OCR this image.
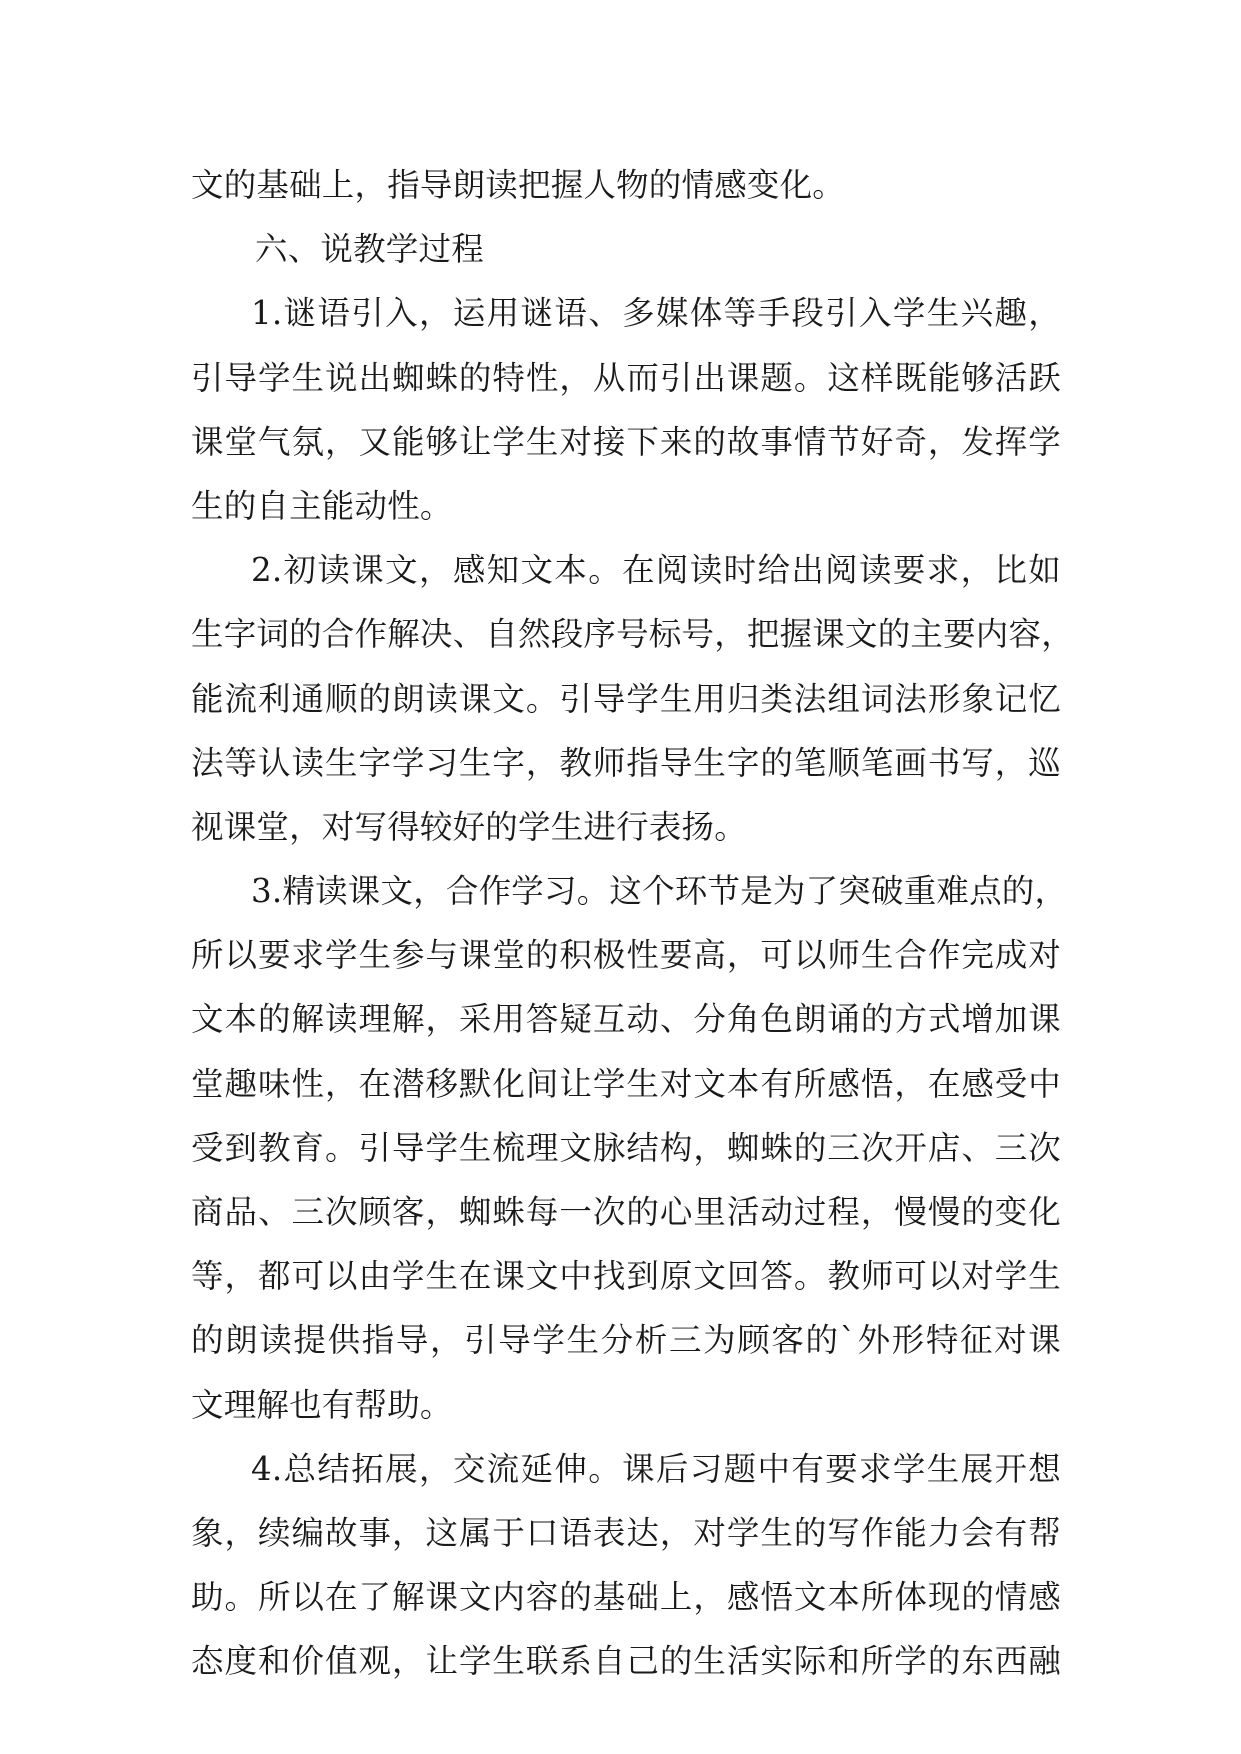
文的基础上，指导朗读把握人物的情感变化。
六、说教学过程
1.谜语引入，运用谜语、多媒体等手段引入学生兴趣，
引导学生说出蜘蛛的特性，从而引出课题。这样既能够活跃
课堂气氛，又能够让学生对接下来的故事情节好奇，发挥学
生的自主能动性。
2.初读课文，感知文本。在阅读时给出阅读要求，比如
生字词的合作解决、自然段序号标号，把握课文的主要内容，
能流利通顺的朗读课文。引导学生用归类法组词法形象记忆
法等认读生字学习生字，教师指导生字的笔顺笔画书写，巡
视课堂，对写得较好的学生进行表扬。
3.精读课文，合作学习。这个环节是为了突破重难点的，
所以要求学生参与课堂的积极性要高，可以师生合作完成对
文本的解读理解，采用答疑互动、分角色朗诵的方式增加课
堂趣味性，在潜移默化间让学生对文本有所感悟，在感受中
受到教育。引导学生梳理文脉结构，蜘蛛的三次开店、三次
商品、三次顾客，蜘蛛每一次的心里活动过程，慢慢的变化
等，都可以由学生在课文中找到原文回答。教师可以对学生
的朗读提供指导，引导学生分析三为顾客的`外形特征对课
文理解也有帮助。
4.总结拓展，交流延伸。课后习题中有要求学生展开想
象，续编故事，这属于口语表达，对学生的写作能力会有帮
助。所以在了解课文内容的基础上，感悟文本所体现的情感
态度和价值观，让学生联系自己的生活实际和所学的东西融
